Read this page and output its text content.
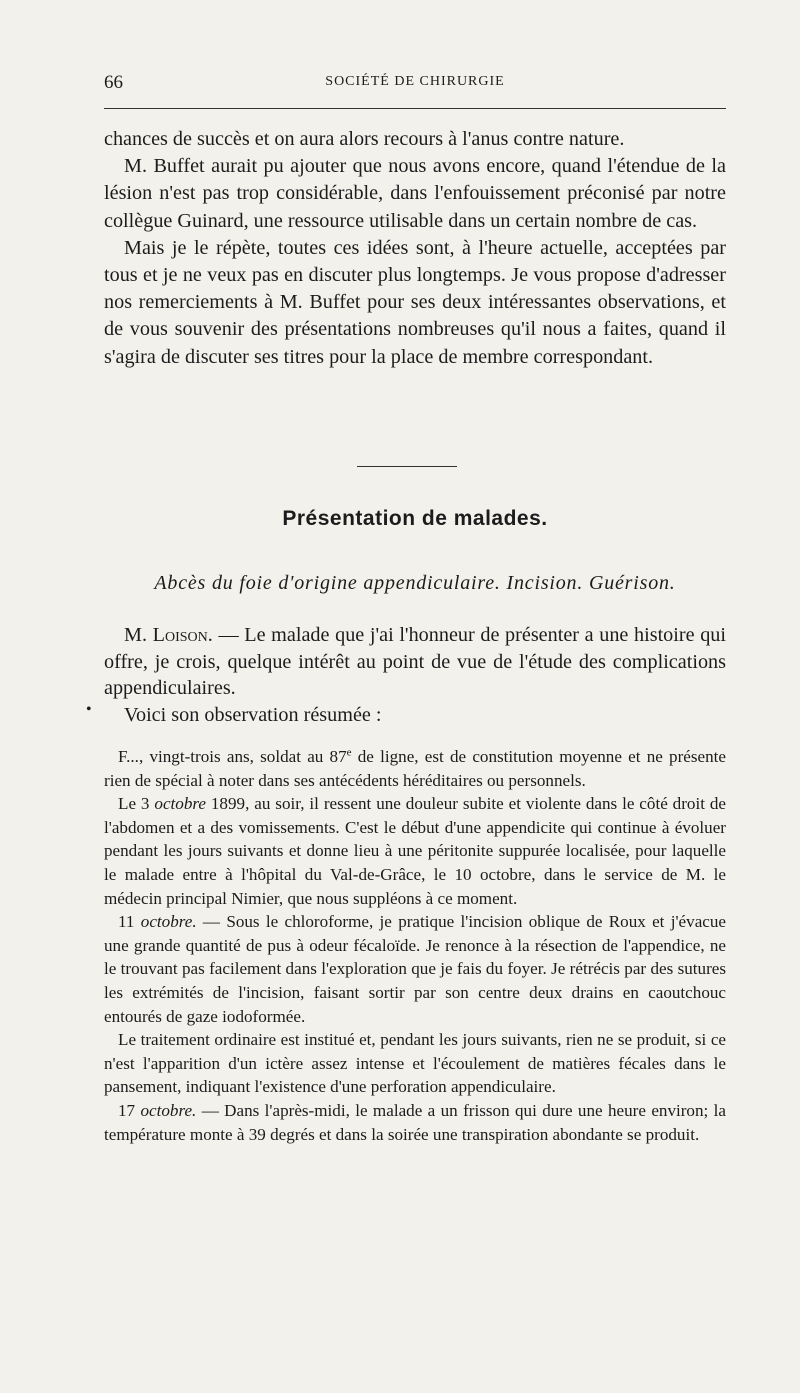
66	SOCIÉTÉ DE CHIRURGIE

chances de succès et on aura alors recours à l'anus contre nature.

M. Buffet aurait pu ajouter que nous avons encore, quand l'étendue de la lésion n'est pas trop considérable, dans l'enfouissement préconisé par notre collègue Guinard, une ressource utilisable dans un certain nombre de cas.

Mais je le répète, toutes ces idées sont, à l'heure actuelle, acceptées par tous et je ne veux pas en discuter plus longtemps. Je vous propose d'adresser nos remerciements à M. Buffet pour ses deux intéressantes observations, et de vous souvenir des présentations nombreuses qu'il nous a faites, quand il s'agira de discuter ses titres pour la place de membre correspondant.

Présentation de malades.
Abcès du foie d'origine appendiculaire. Incision. Guérison.

M. Loison. — Le malade que j'ai l'honneur de présenter a une histoire qui offre, je crois, quelque intérêt au point de vue de l'étude des complications appendiculaires.

Voici son observation résumée :

•

F..., vingt-trois ans, soldat au 87e de ligne, est de constitution moyenne et ne présente rien de spécial à noter dans ses antécédents héréditaires ou personnels.

Le 3 octobre 1899, au soir, il ressent une douleur subite et violente dans le côté droit de l'abdomen et a des vomissements. C'est le début d'une appendicite qui continue à évoluer pendant les jours suivants et donne lieu à une péritonite suppurée localisée, pour laquelle le malade entre à l'hôpital du Val-de-Grâce, le 10 octobre, dans le service de M. le médecin principal Nimier, que nous suppléons à ce moment.

11 octobre. — Sous le chloroforme, je pratique l'incision oblique de Roux et j'évacue une grande quantité de pus à odeur fécaloïde. Je renonce à la résection de l'appendice, ne le trouvant pas facilement dans l'exploration que je fais du foyer. Je rétrécis par des sutures les extrémités de l'incision, faisant sortir par son centre deux drains en caoutchouc entourés de gaze iodoformée.

Le traitement ordinaire est institué et, pendant les jours suivants, rien ne se produit, si ce n'est l'apparition d'un ictère assez intense et l'écoulement de matières fécales dans le pansement, indiquant l'existence d'une perforation appendiculaire.

17 octobre. — Dans l'après-midi, le malade a un frisson qui dure une heure environ; la température monte à 39 degrés et dans la soirée une transpiration abondante se produit.
